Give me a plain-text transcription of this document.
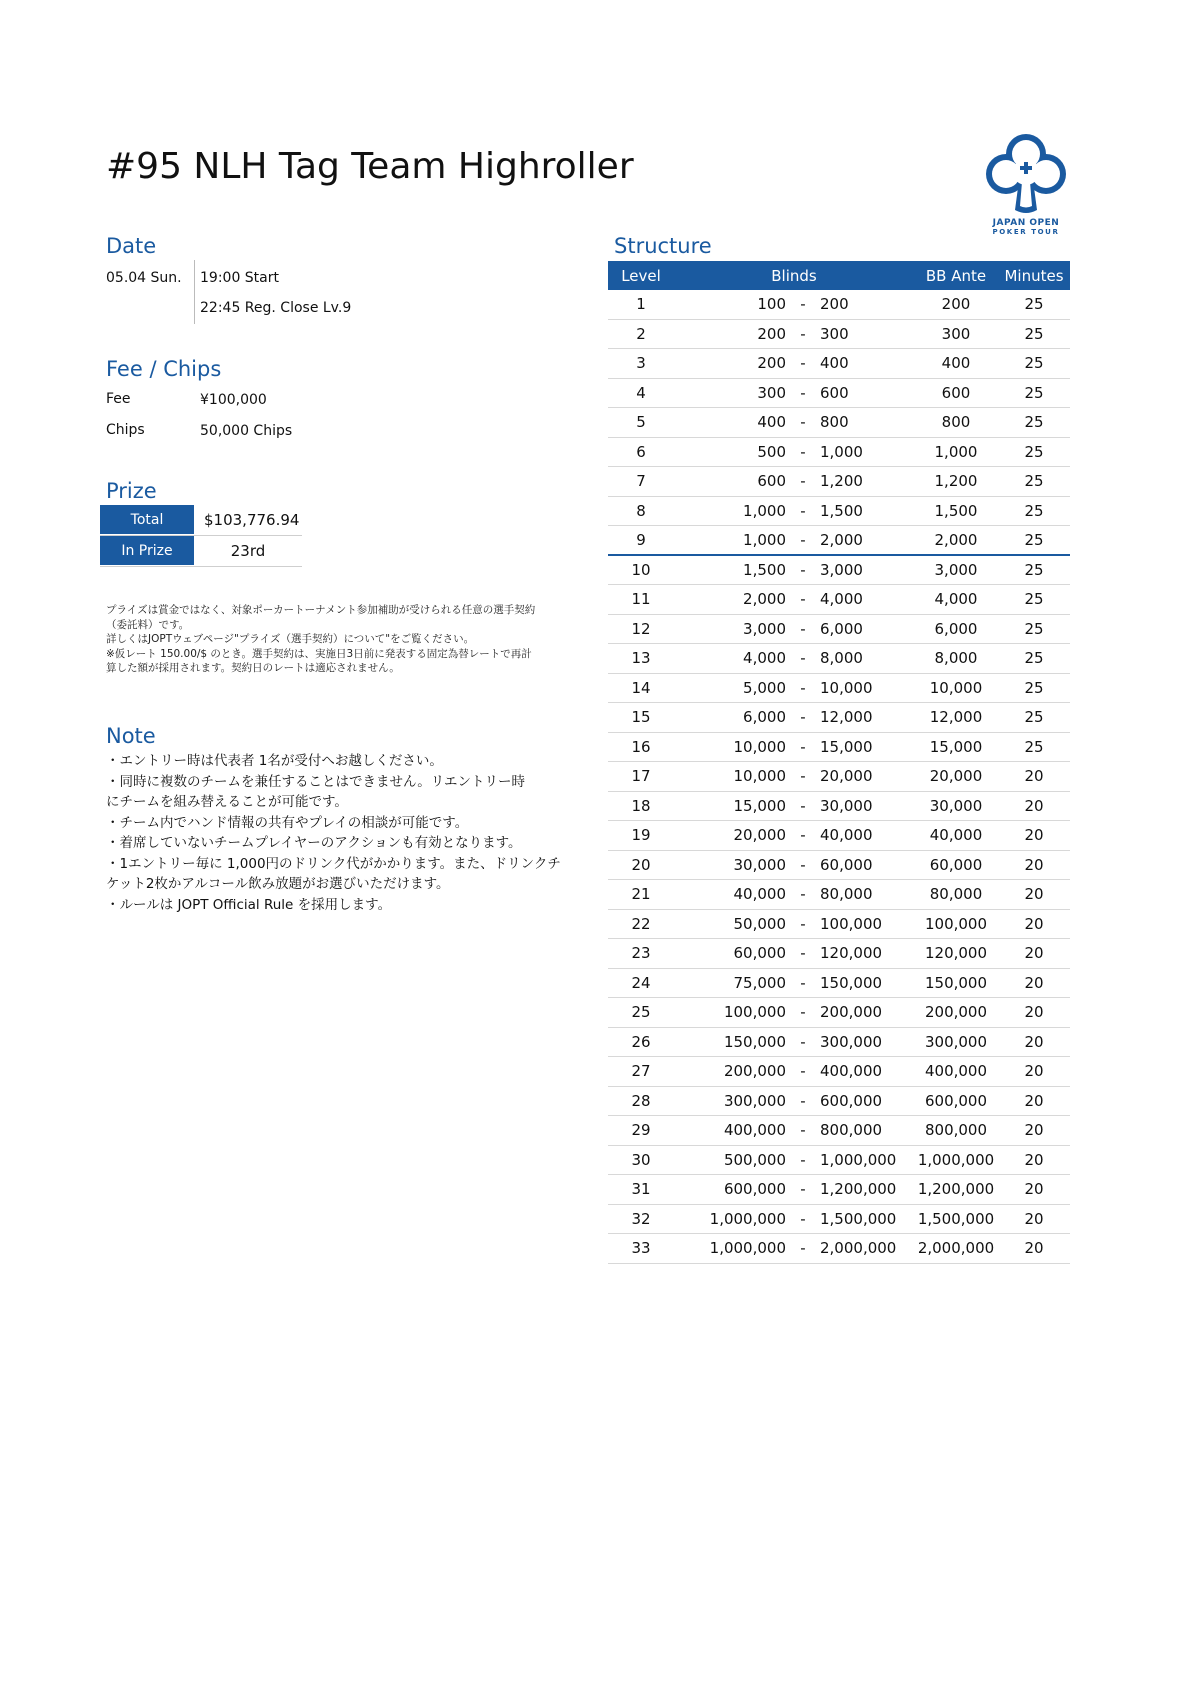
#95 NLH Tag Team Highroller
JAPAN OPEN
POKER TOUR
Date
05.04 Sun. 19:00 Start
22:45 Reg. Close Lv.9
Fee / Chips
Fee	¥100,000
Chips	50,000 Chips
Prize
Total	$103,776.94
In Prize	23rd
プライズは賞金ではなく、対象ポーカートーナメント参加補助が受けられる任意の選手契約
（委託料）です。
詳しくはJOPTウェブページ"プライズ（選手契約）について"をご覧ください。
※仮レート 150.00/$ のとき。選手契約は、実施日3日前に発表する固定為替レートで再計
算した額が採用されます。契約日のレートは適応されません。
Note
・エントリー時は代表者 1名が受付へお越しください。
・同時に複数のチームを兼任することはできません。リエントリー時
にチームを組み替えることが可能です。
・チーム内でハンド情報の共有やプレイの相談が可能です。
・着席していないチームプレイヤーのアクションも有効となります。
・1エントリー毎に 1,000円のドリンク代がかかります。また、ドリンクチ
ケット2枚かアルコール飲み放題がお選びいただけます。
・ルールは JOPT Official Rule を採用します。
Structure
Level	Blinds	BB Ante	Minutes
1	100 - 200	200	25
2	200 - 300	300	25
3	200 - 400	400	25
4	300 - 600	600	25
5	400 - 800	800	25
6	500 - 1,000	1,000	25
7	600 - 1,200	1,200	25
8	1,000 - 1,500	1,500	25
9	1,000 - 2,000	2,000	25
10	1,500 - 3,000	3,000	25
11	2,000 - 4,000	4,000	25
12	3,000 - 6,000	6,000	25
13	4,000 - 8,000	8,000	25
14	5,000 - 10,000	10,000	25
15	6,000 - 12,000	12,000	25
16	10,000 - 15,000	15,000	25
17	10,000 - 20,000	20,000	20
18	15,000 - 30,000	30,000	20
19	20,000 - 40,000	40,000	20
20	30,000 - 60,000	60,000	20
21	40,000 - 80,000	80,000	20
22	50,000 - 100,000	100,000	20
23	60,000 - 120,000	120,000	20
24	75,000 - 150,000	150,000	20
25	100,000 - 200,000	200,000	20
26	150,000 - 300,000	300,000	20
27	200,000 - 400,000	400,000	20
28	300,000 - 600,000	600,000	20
29	400,000 - 800,000	800,000	20
30	500,000 - 1,000,000	1,000,000	20
31	600,000 - 1,200,000	1,200,000	20
32	1,000,000 - 1,500,000	1,500,000	20
33	1,000,000 - 2,000,000	2,000,000	20
